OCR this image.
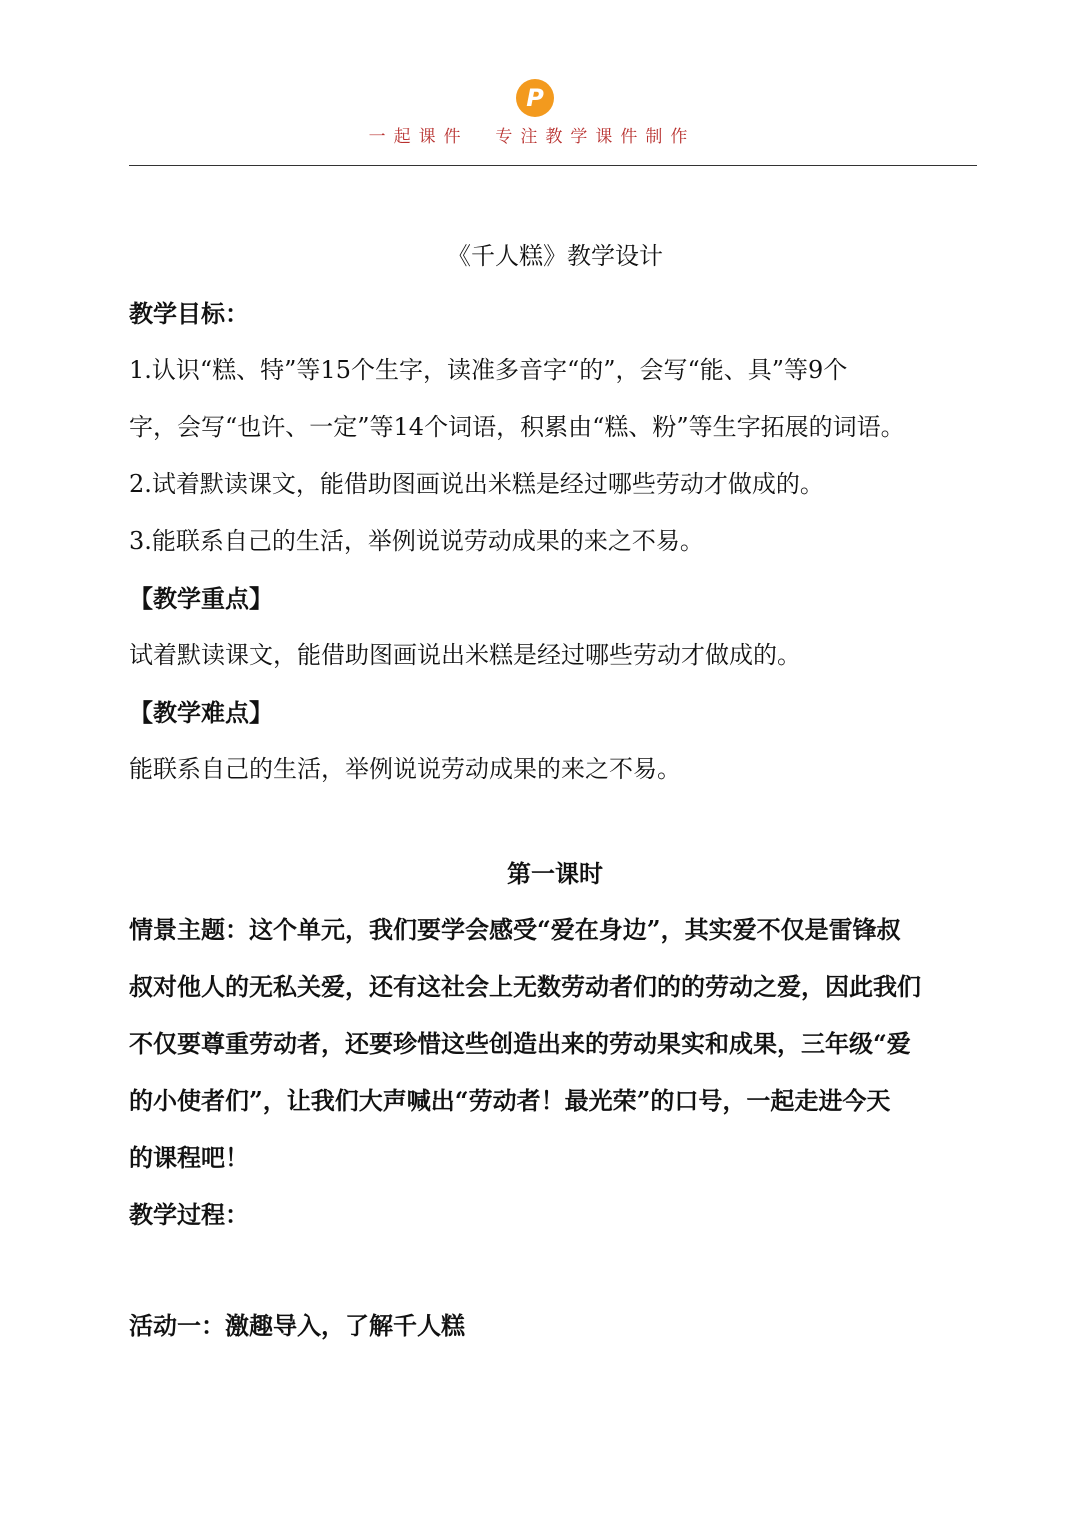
P
一起课件  专注教学课件制作
《千人糕》教学设计
教学目标：
1.认识“糕、特”等15个生字，读准多音字“的”，会写“能、具”等9个
字，会写“也许、一定”等14个词语，积累由“糕、粉”等生字拓展的词语。
2.试着默读课文，能借助图画说出米糕是经过哪些劳动才做成的。
3.能联系自己的生活，举例说说劳动成果的来之不易。
【教学重点】
试着默读课文，能借助图画说出米糕是经过哪些劳动才做成的。
【教学难点】
能联系自己的生活，举例说说劳动成果的来之不易。
第一课时
情景主题：这个单元，我们要学会感受“爱在身边”，其实爱不仅是雷锋叔
叔对他人的无私关爱，还有这社会上无数劳动者们的的劳动之爱，因此我们
不仅要尊重劳动者，还要珍惜这些创造出来的劳动果实和成果，三年级“爱
的小使者们”，让我们大声喊出“劳动者！最光荣”的口号，一起走进今天
的课程吧！
教学过程：
活动一：激趣导入，了解千人糕
